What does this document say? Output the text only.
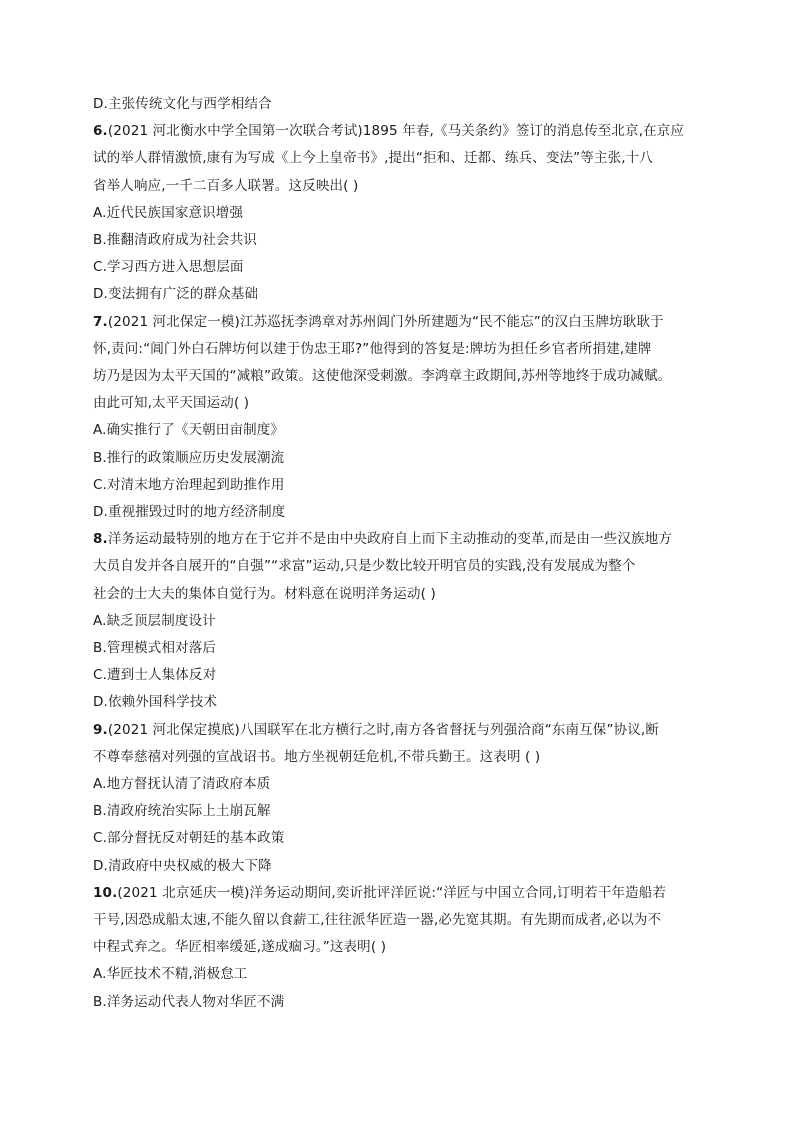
D.主张传统文化与西学相结合
6.(2021 河北衡水中学全国第一次联合考试)1895 年春,《马关条约》签订的消息传至北京,在京应
试的举人群情激愤,康有为写成《上今上皇帝书》,提出“拒和、迁都、练兵、变法”等主张,十八
省举人响应,一千二百多人联署。这反映出( )
A.近代民族国家意识增强
B.推翻清政府成为社会共识
C.学习西方进入思想层面
D.变法拥有广泛的群众基础
7.(2021 河北保定一模)江苏巡抚李鸿章对苏州阊门外所建题为“民不能忘”的汉白玉牌坊耿耿于
怀,责问:“阊门外白石牌坊何以建于伪忠王耶?”他得到的答复是:牌坊为担任乡官者所捐建,建牌
坊乃是因为太平天国的“减粮”政策。这使他深受刺激。李鸿章主政期间,苏州等地终于成功减赋。
由此可知,太平天国运动( )
A.确实推行了《天朝田亩制度》
B.推行的政策顺应历史发展潮流
C.对清末地方治理起到助推作用
D.重视摧毁过时的地方经济制度
8.洋务运动最特别的地方在于它并不是由中央政府自上而下主动推动的变革,而是由一些汉族地方
大员自发并各自展开的“自强”“求富”运动,只是少数比较开明官员的实践,没有发展成为整个
社会的士大夫的集体自觉行为。材料意在说明洋务运动( )
A.缺乏顶层制度设计
B.管理模式相对落后
C.遭到士人集体反对
D.依赖外国科学技术
9.(2021 河北保定摸底)八国联军在北方横行之时,南方各省督抚与列强洽商“东南互保”协议,断
不尊奉慈禧对列强的宣战诏书。地方坐视朝廷危机,不带兵勤王。这表明 ( )
A.地方督抚认清了清政府本质
B.清政府统治实际上土崩瓦解
C.部分督抚反对朝廷的基本政策
D.清政府中央权威的极大下降
10.(2021 北京延庆一模)洋务运动期间,奕䜣批评洋匠说:“洋匠与中国立合同,订明若干年造船若
干号,因恐成船太速,不能久留以食薪工,往往派华匠造一器,必先宽其期。有先期而成者,必以为不
中程式弃之。华匠相率缓延,遂成痼习。”这表明( )
A.华匠技术不精,消极怠工
B.洋务运动代表人物对华匠不满
